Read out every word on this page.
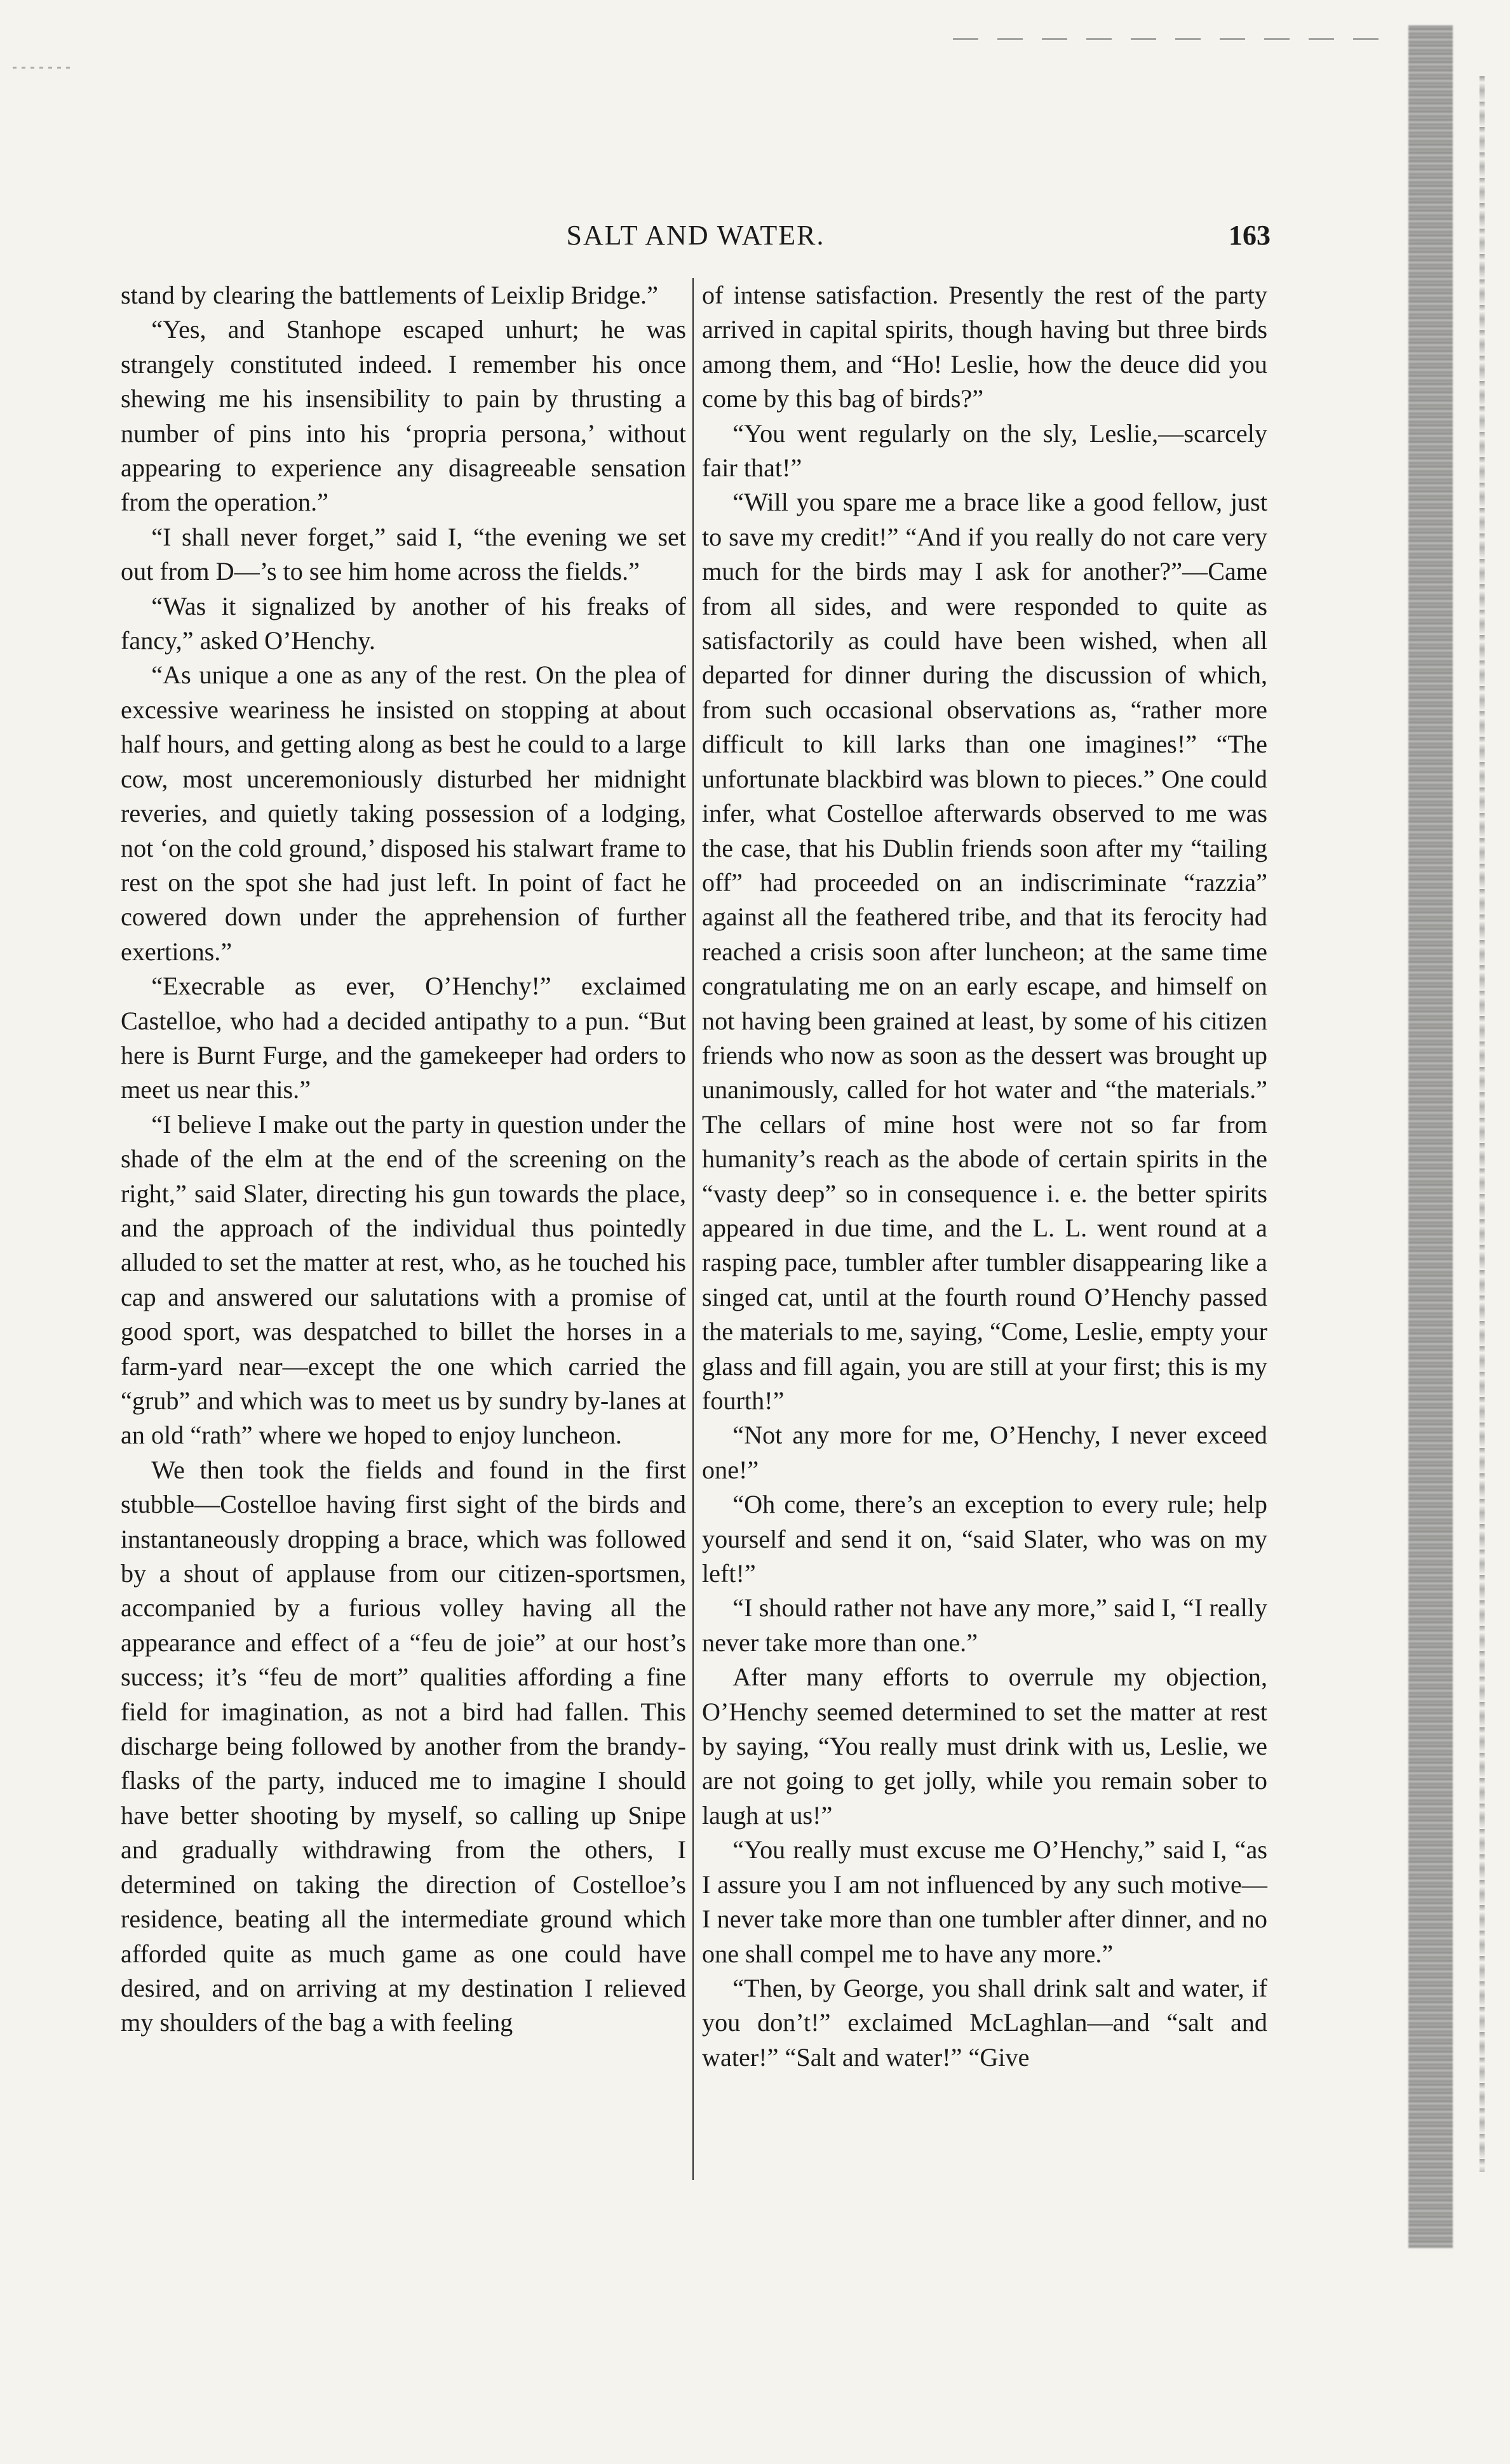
SALT AND WATER.	163

stand by clearing the battlements of Leixlip Bridge.”

“Yes, and Stanhope escaped unhurt; he was strangely constituted indeed. I remember his once shewing me his insensibility to pain by thrusting a number of pins into his ‘propria persona,’ without appearing to experience any disagreeable sensation from the operation.”

“I shall never forget,” said I, “the evening we set out from D—’s to see him home across the fields.”

“Was it signalized by another of his freaks of fancy,” asked O’Henchy.

“As unique a one as any of the rest. On the plea of excessive weariness he insisted on stopping at about half hours, and getting along as best he could to a large cow, most unceremoniously disturbed her midnight reveries, and quietly taking possession of a lodging, not ‘on the cold ground,’ disposed his stalwart frame to rest on the spot she had just left. In point of fact he cowered down under the apprehension of further exertions.”

“Execrable as ever, O’Henchy!” exclaimed Castelloe, who had a decided antipathy to a pun. “But here is Burnt Furge, and the gamekeeper had orders to meet us near this.”

“I believe I make out the party in question under the shade of the elm at the end of the screening on the right,” said Slater, directing his gun towards the place, and the approach of the individual thus pointedly alluded to set the matter at rest, who, as he touched his cap and answered our salutations with a promise of good sport, was despatched to billet the horses in a farm-yard near—except the one which carried the “grub” and which was to meet us by sundry by-lanes at an old “rath” where we hoped to enjoy luncheon.

We then took the fields and found in the first stubble—Costelloe having first sight of the birds and instantaneously dropping a brace, which was followed by a shout of applause from our citizen-sportsmen, accompanied by a furious volley having all the appearance and effect of a “feu de joie” at our host’s success; it’s “feu de mort” qualities affording a fine field for imagination, as not a bird had fallen. This discharge being followed by another from the brandy-flasks of the party, induced me to imagine I should have better shooting by myself, so calling up Snipe and gradually withdrawing from the others, I determined on taking the direction of Costelloe’s residence, beating all the intermediate ground which afforded quite as much game as one could have desired, and on arriving at my destination I relieved my shoulders of the bag a with feeling

of intense satisfaction. Presently the rest of the party arrived in capital spirits, though having but three birds among them, and “Ho! Leslie, how the deuce did you come by this bag of birds?”

“You went regularly on the sly, Leslie,—scarcely fair that!”

“Will you spare me a brace like a good fellow, just to save my credit!” “And if you really do not care very much for the birds may I ask for another?”—Came from all sides, and were responded to quite as satisfactorily as could have been wished, when all departed for dinner during the discussion of which, from such occasional observations as, “rather more difficult to kill larks than one imagines!” “The unfortunate blackbird was blown to pieces.” One could infer, what Costelloe afterwards observed to me was the case, that his Dublin friends soon after my “tailing off” had proceeded on an indiscriminate “razzia” against all the feathered tribe, and that its ferocity had reached a crisis soon after luncheon; at the same time congratulating me on an early escape, and himself on not having been grained at least, by some of his citizen friends who now as soon as the dessert was brought up unanimously, called for hot water and “the materials.” The cellars of mine host were not so far from humanity’s reach as the abode of certain spirits in the “vasty deep” so in consequence i. e. the better spirits appeared in due time, and the L. L. went round at a rasping pace, tumbler after tumbler disappearing like a singed cat, until at the fourth round O’Henchy passed the materials to me, saying, “Come, Leslie, empty your glass and fill again, you are still at your first; this is my fourth!”

“Not any more for me, O’Henchy, I never exceed one!”

“Oh come, there’s an exception to every rule; help yourself and send it on, “said Slater, who was on my left!”

“I should rather not have any more,” said I, “I really never take more than one.”

After many efforts to overrule my objection, O’Henchy seemed determined to set the matter at rest by saying, “You really must drink with us, Leslie, we are not going to get jolly, while you remain sober to laugh at us!”

“You really must excuse me O’Henchy,” said I, “as I assure you I am not influenced by any such motive—I never take more than one tumbler after dinner, and no one shall compel me to have any more.”

“Then, by George, you shall drink salt and water, if you don’t!” exclaimed McLaghlan—and “salt and water!” “Salt and water!” “Give
